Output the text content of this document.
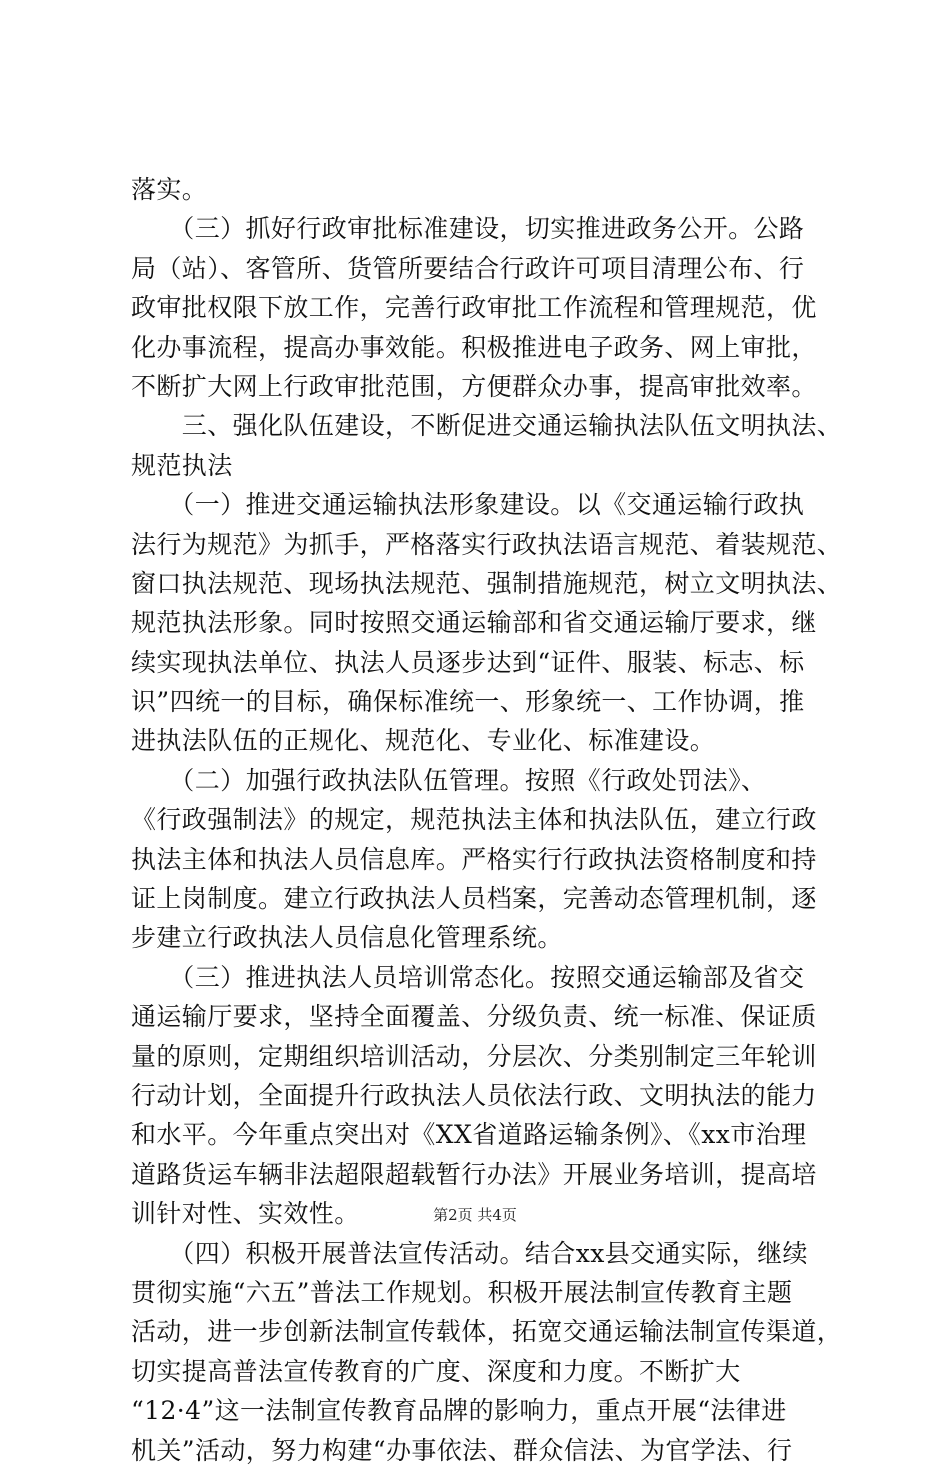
落实。
　　（三）抓好行政审批标准建设，切实推进政务公开。公路
局（站）、客管所、货管所要结合行政许可项目清理公布、行
政审批权限下放工作，完善行政审批工作流程和管理规范，优
化办事流程，提高办事效能。积极推进电子政务、网上审批，
不断扩大网上行政审批范围，方便群众办事，提高审批效率。
　　三、强化队伍建设，不断促进交通运输执法队伍文明执法、
规范执法
　　（一）推进交通运输执法形象建设。以《交通运输行政执
法行为规范》为抓手，严格落实行政执法语言规范、着装规范、
窗口执法规范、现场执法规范、强制措施规范，树立文明执法、
规范执法形象。同时按照交通运输部和省交通运输厅要求，继
续实现执法单位、执法人员逐步达到“证件、服装、标志、标
识”四统一的目标，确保标准统一、形象统一、工作协调，推
进执法队伍的正规化、规范化、专业化、标准建设。
　　（二）加强行政执法队伍管理。按照《行政处罚法》、
《行政强制法》的规定，规范执法主体和执法队伍，建立行政
执法主体和执法人员信息库。严格实行行政执法资格制度和持
证上岗制度。建立行政执法人员档案，完善动态管理机制，逐
步建立行政执法人员信息化管理系统。
　　（三）推进执法人员培训常态化。按照交通运输部及省交
通运输厅要求，坚持全面覆盖、分级负责、统一标准、保证质
量的原则，定期组织培训活动，分层次、分类别制定三年轮训
行动计划，全面提升行政执法人员依法行政、文明执法的能力
和水平。今年重点突出对《XX省道路运输条例》、《xx市治理
道路货运车辆非法超限超载暂行办法》开展业务培训，提高培
训针对性、实效性。
　　（四）积极开展普法宣传活动。结合xx县交通实际，继续
贯彻实施“六五”普法工作规划。积极开展法制宣传教育主题
活动，进一步创新法制宣传载体，拓宽交通运输法制宣传渠道，
切实提高普法宣传教育的广度、深度和力度。不断扩大
“12·4”这一法制宣传教育品牌的影响力，重点开展“法律进
机关”活动，努力构建“办事依法、群众信法、为官学法、行
第2页 共4页
